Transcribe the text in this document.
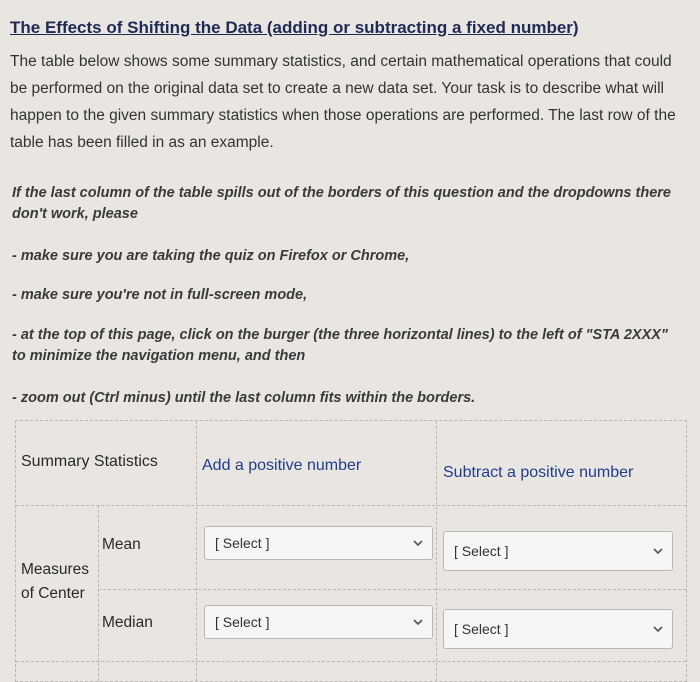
The Effects of Shifting the Data (adding or subtracting a fixed number)

The table below shows some summary statistics, and certain mathematical operations that could be performed on the original data set to create a new data set. Your task is to describe what will happen to the given summary statistics when those operations are performed. The last row of the table has been filled in as an example.

If the last column of the table spills out of the borders of this question and the dropdowns there don't work, please

- make sure you are taking the quiz on Firefox or Chrome,

- make sure you're not in full-screen mode,

- at the top of this page, click on the burger (the three horizontal lines) to the left of "STA 2XXX" to minimize the navigation menu, and then

- zoom out (Ctrl minus) until the last column fits within the borders.

Summary Statistics	Add a positive number	Subtract a positive number
Measures
of Center
Mean	[ Select ]	[ Select ]
Median	[ Select ]	[ Select ]
